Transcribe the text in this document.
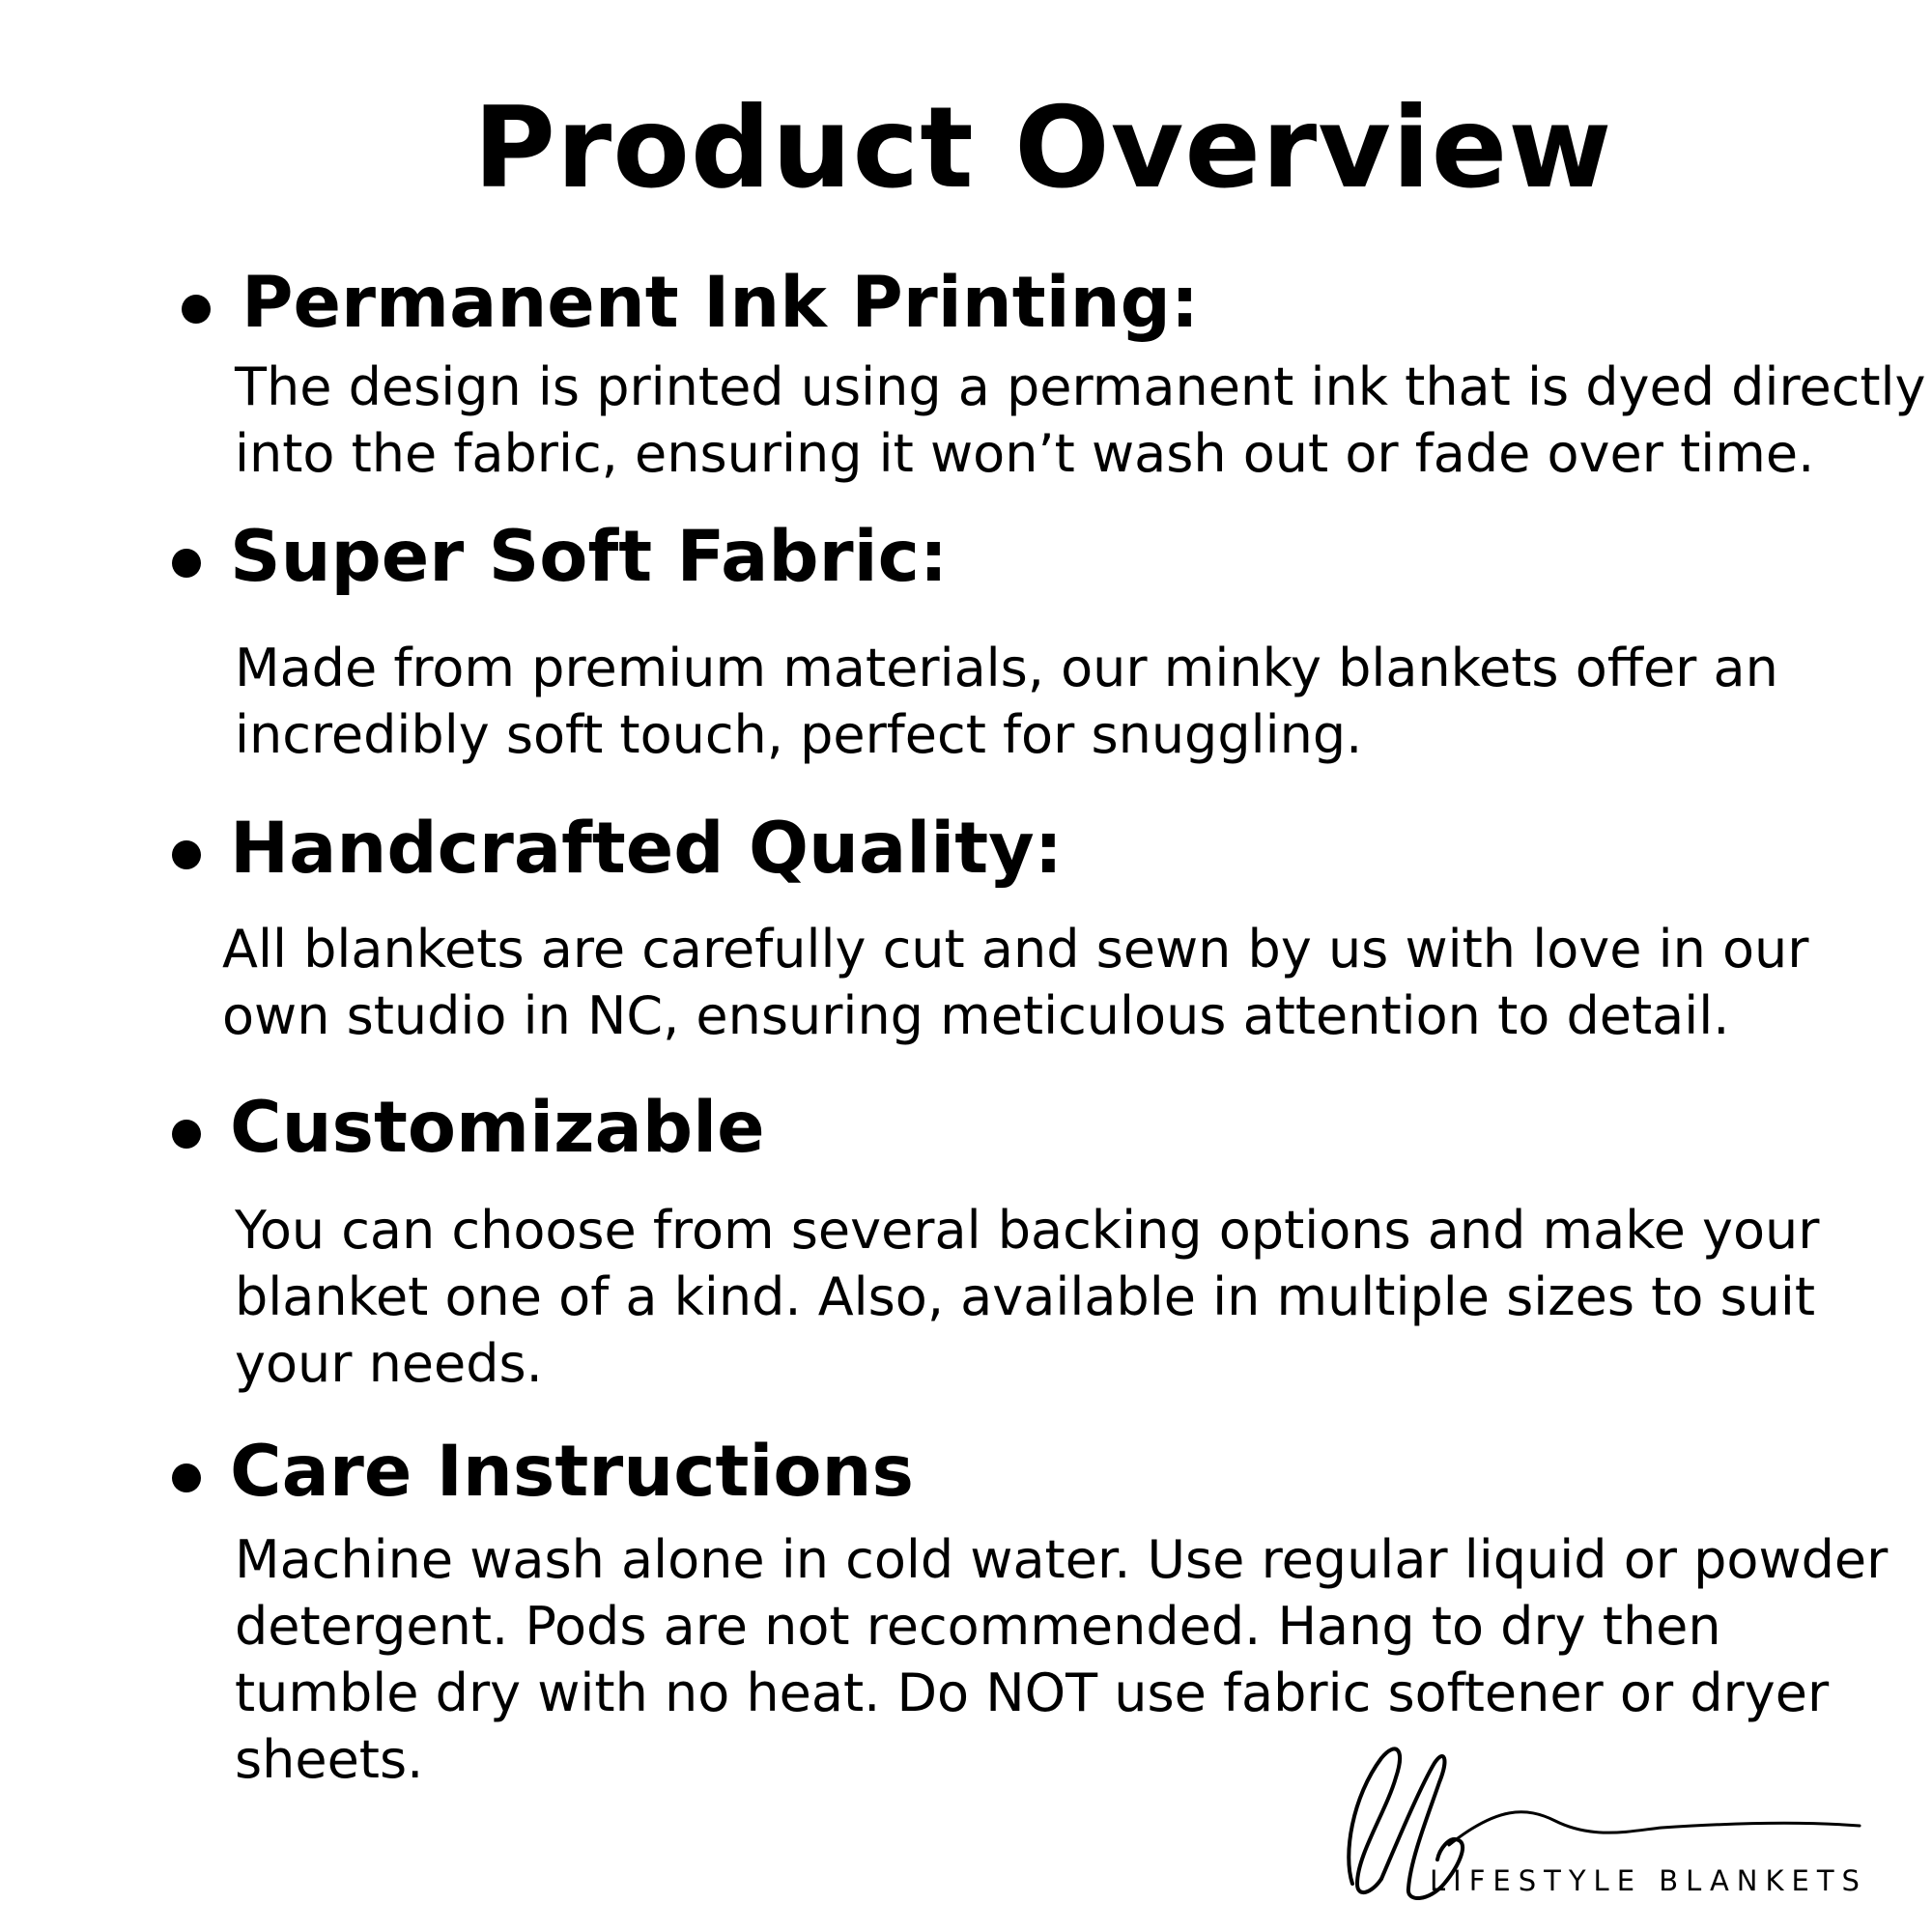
Product Overview
Permanent Ink Printing:
The design is printed using a permanent ink that is dyed directly
into the fabric, ensuring it won’t wash out or fade over time.
Super Soft Fabric:
Made from premium materials, our minky blankets offer an
incredibly soft touch, perfect for snuggling.
Handcrafted Quality:
All blankets are carefully cut and sewn by us with love in our
own studio in NC, ensuring meticulous attention to detail.
Customizable
You can choose from several backing options and make your
blanket one of a kind. Also, available in multiple sizes to suit
your needs.
Care Instructions
Machine wash alone in cold water. Use regular liquid or powder
detergent. Pods are not recommended. Hang to dry then
tumble dry with no heat. Do NOT use fabric softener or dryer
sheets.
LIFESTYLE BLANKETS
